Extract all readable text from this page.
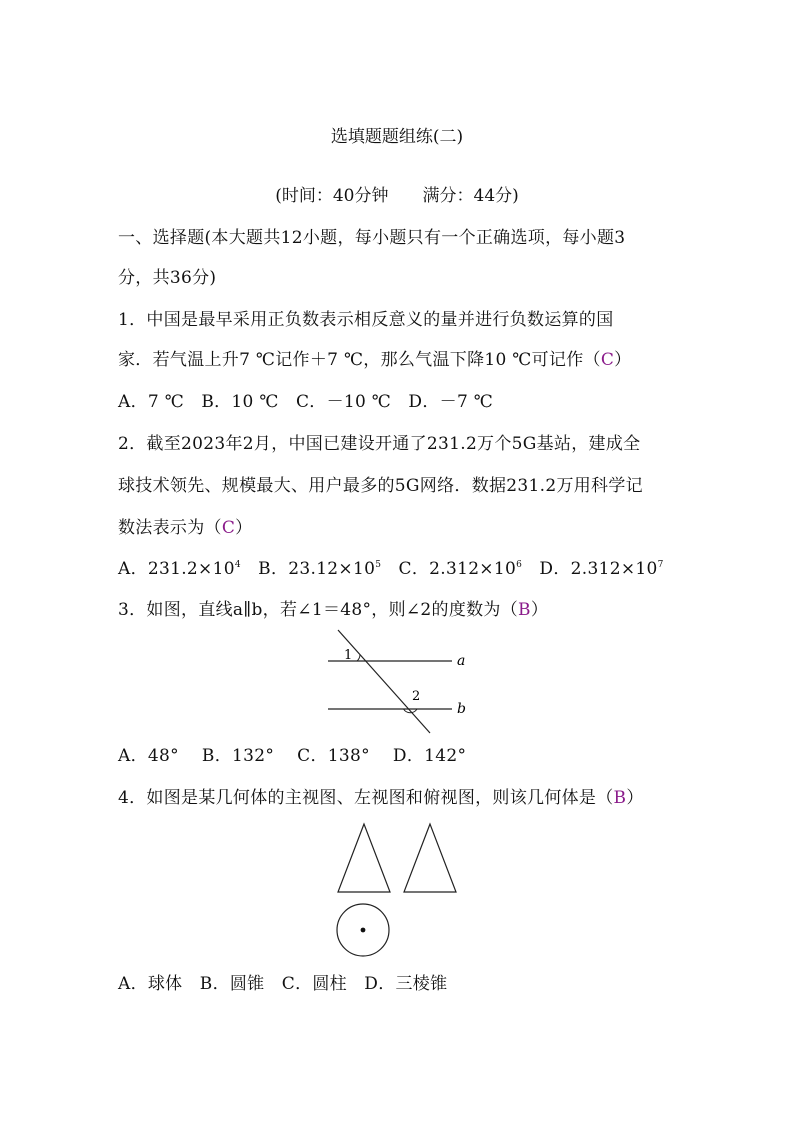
选填题题组练(二)
(时间：40分钟　　满分：44分)
一、选择题(本大题共12小题，每小题只有一个正确选项，每小题3
分，共36分)
1．中国是最早采用正负数表示相反意义的量并进行负数运算的国
家．若气温上升7 ℃记作＋7 ℃，那么气温下降10 ℃可记作（C）
A．7 ℃　B．10 ℃　C．－10 ℃　D．－7 ℃
2．截至2023年2月，中国已建设开通了231.2万个5G基站，建成全
球技术领先、规模最大、用户最多的5G网络．数据231.2万用科学记
数法表示为（C）
A．$231.2\times 10^4$　B．$23.12\times 10^5$　C．$2.312\times 10^6$　D．$2.312\times 10^7$
3．如图，直线a∥b，若∠1＝48°，则∠2的度数为（B）
1
2
a
b
A．48°　 B．132°　 C．138°　 D．142°
4．如图是某几何体的主视图、左视图和俯视图，则该几何体是（B）
A．球体　B．圆锥　C．圆柱　D．三棱锥
